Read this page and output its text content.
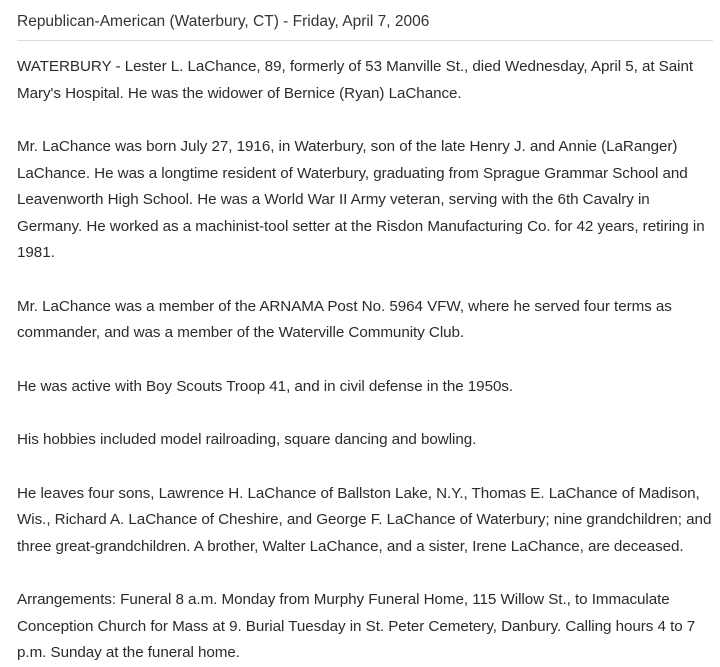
Republican-American (Waterbury, CT) - Friday, April 7, 2006

WATERBURY - Lester L. LaChance, 89, formerly of 53 Manville St., died Wednesday, April 5, at Saint Mary's Hospital. He was the widower of Bernice (Ryan) LaChance.

Mr. LaChance was born July 27, 1916, in Waterbury, son of the late Henry J. and Annie (LaRanger) LaChance. He was a longtime resident of Waterbury, graduating from Sprague Grammar School and Leavenworth High School. He was a World War II Army veteran, serving with the 6th Cavalry in Germany. He worked as a machinist-tool setter at the Risdon Manufacturing Co. for 42 years, retiring in 1981.

Mr. LaChance was a member of the ARNAMA Post No. 5964 VFW, where he served four terms as commander, and was a member of the Waterville Community Club.

He was active with Boy Scouts Troop 41, and in civil defense in the 1950s.

His hobbies included model railroading, square dancing and bowling.

He leaves four sons, Lawrence H. LaChance of Ballston Lake, N.Y., Thomas E. LaChance of Madison, Wis., Richard A. LaChance of Cheshire, and George F. LaChance of Waterbury; nine grandchildren; and three great-grandchildren. A brother, Walter LaChance, and a sister, Irene LaChance, are deceased.

Arrangements: Funeral 8 a.m. Monday from Murphy Funeral Home, 115 Willow St., to Immaculate Conception Church for Mass at 9. Burial Tuesday in St. Peter Cemetery, Danbury. Calling hours 4 to 7 p.m. Sunday at the funeral home.
